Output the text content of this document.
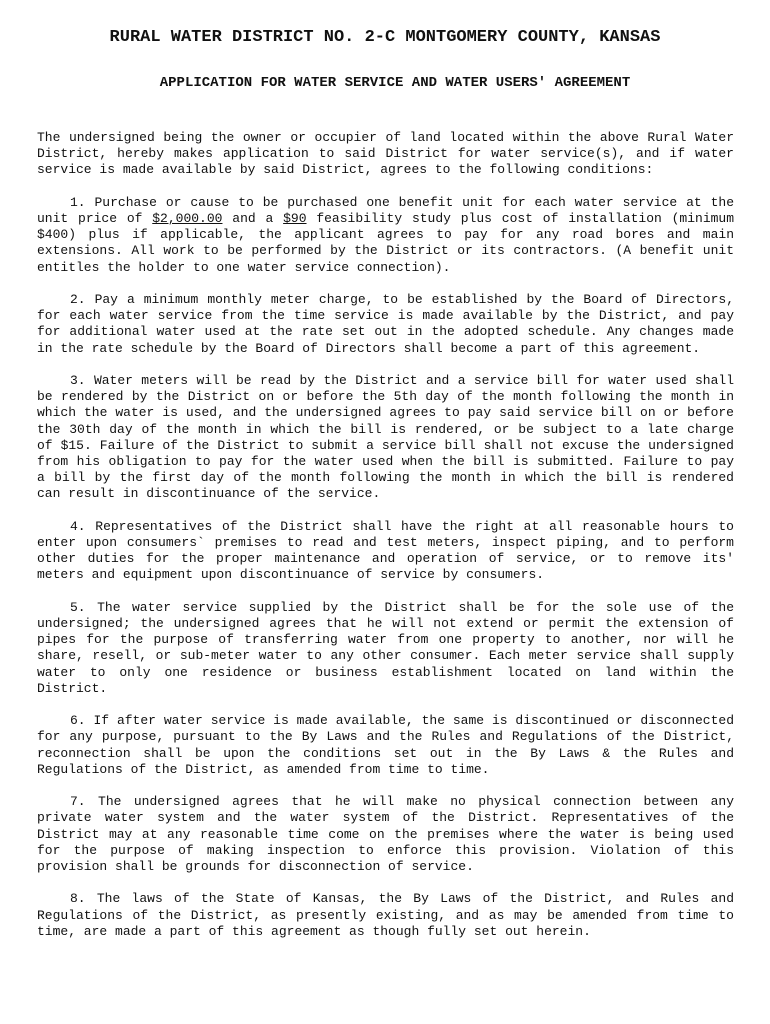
RURAL WATER DISTRICT NO. 2-C MONTGOMERY COUNTY, KANSAS
APPLICATION FOR WATER SERVICE AND WATER USERS' AGREEMENT

The undersigned being the owner or occupier of land located within the above Rural Water District, hereby makes application to said District for water service(s), and if water service is made available by said District, agrees to the following conditions:

1. Purchase or cause to be purchased one benefit unit for each water service at the unit price of $2,000.00 and a $90 feasibility study plus cost of installation (minimum $400) plus if applicable, the applicant agrees to pay for any road bores and main extensions. All work to be performed by the District or its contractors. (A benefit unit entitles the holder to one water service connection).

2. Pay a minimum monthly meter charge, to be established by the Board of Directors, for each water service from the time service is made available by the District, and pay for additional water used at the rate set out in the adopted schedule. Any changes made in the rate schedule by the Board of Directors shall become a part of this agreement.

3. Water meters will be read by the District and a service bill for water used shall be rendered by the District on or before the 5th day of the month following the month in which the water is used, and the undersigned agrees to pay said service bill on or before the 30th day of the month in which the bill is rendered, or be subject to a late charge of $15. Failure of the District to submit a service bill shall not excuse the undersigned from his obligation to pay for the water used when the bill is submitted. Failure to pay a bill by the first day of the month following the month in which the bill is rendered can result in discontinuance of the service.

4. Representatives of the District shall have the right at all reasonable hours to enter upon consumers` premises to read and test meters, inspect piping, and to perform other duties for the proper maintenance and operation of service, or to remove its' meters and equipment upon discontinuance of service by consumers.

5. The water service supplied by the District shall be for the sole use of the undersigned; the undersigned agrees that he will not extend or permit the extension of pipes for the purpose of transferring water from one property to another, nor will he share, resell, or sub-meter water to any other consumer. Each meter service shall supply water to only one residence or business establishment located on land within the District.

6. If after water service is made available, the same is discontinued or disconnected for any purpose, pursuant to the By Laws and the Rules and Regulations of the District, reconnection shall be upon the conditions set out in the By Laws & the Rules and Regulations of the District, as amended from time to time.

7. The undersigned agrees that he will make no physical connection between any private water system and the water system of the District. Representatives of the District may at any reasonable time come on the premises where the water is being used for the purpose of making inspection to enforce this provision. Violation of this provision shall be grounds for disconnection of service.

8. The laws of the State of Kansas, the By Laws of the District, and Rules and Regulations of the District, as presently existing, and as may be amended from time to time, are made a part of this agreement as though fully set out herein.
